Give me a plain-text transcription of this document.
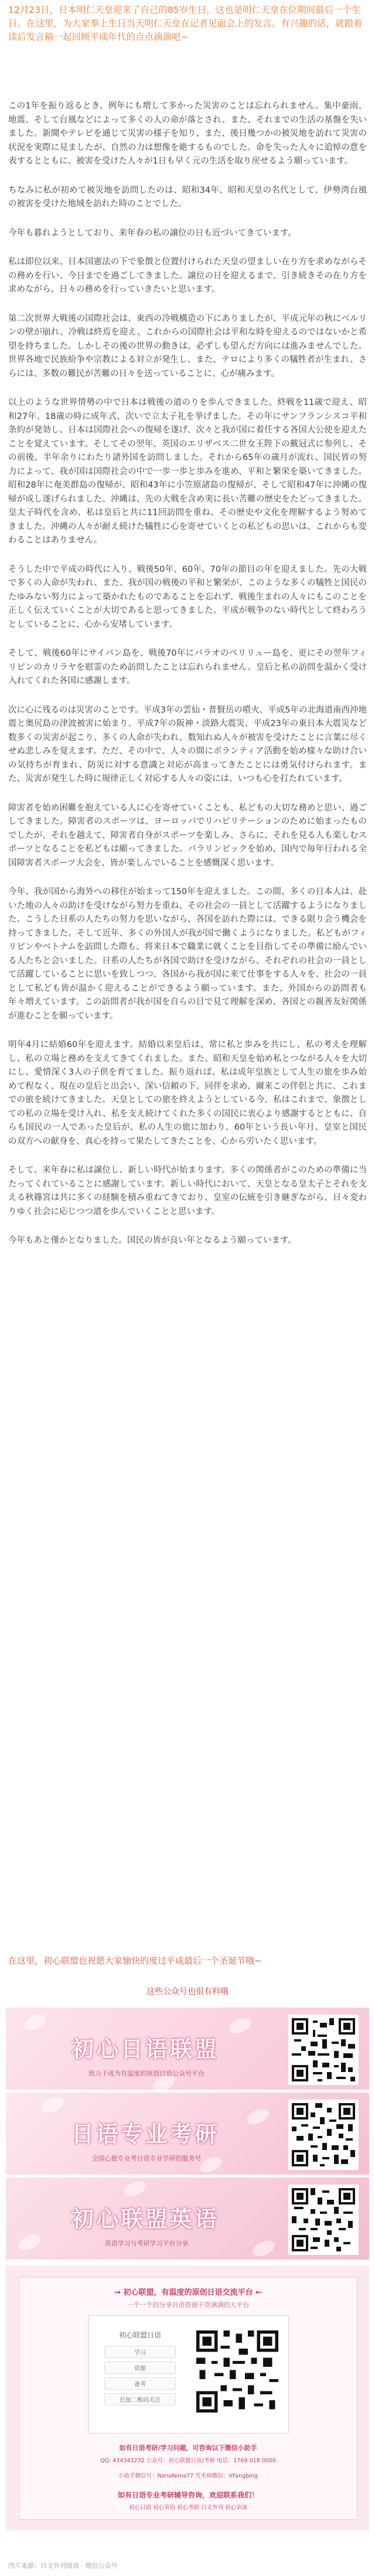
12月23日，日本明仁天皇迎来了自己的85岁生日，这也是明仁天皇在位期间最后一个生日。在这里，为大家奉上生日当天明仁天皇在记者见面会上的发言。有兴趣的话，就跟着读后发言稿一起回顾平成年代的点点滴滴吧~

この1年を振り返るとき、例年にも増して多かった災害のことは忘れられません。集中豪雨、地震、そして台風などによって多くの人の命が落とされ、また、それまでの生活の基盤を失いました。新聞やテレビを通じて災害の様子を知り、また、後日幾つかの被災地を訪れて災害の状況を実際に見ましたが、自然の力は想像を絶するものでした。命を失った人々に追悼の意を表するとともに、被害を受けた人々が1日も早く元の生活を取り戻せるよう願っています。

ちなみに私が初めて被災地を訪問したのは、昭和34年、昭和天皇の名代として、伊勢湾台風の被害を受けた地域を訪れた時のことでした。

今年も暮れようとしており、来年春の私の譲位の日も近づいてきています。

私は即位以来、日本国憲法の下で象徴と位置付けられた天皇の望ましい在り方を求めながらその務めを行い、今日までを過ごしてきました。譲位の日を迎えるまで、引き続きその在り方を求めながら、日々の務めを行っていきたいと思います。

第二次世界大戦後の国際社会は、東西の冷戦構造の下にありましたが、平成元年の秋にベルリンの壁が崩れ、冷戦は終焉を迎え、これからの国際社会は平和な時を迎えるのではないかと希望を持ちました。しかしその後の世界の動きは、必ずしも望んだ方向には進みませんでした。世界各地で民族紛争や宗教による対立が発生し、また、テロにより多くの犠牲者が生まれ、さらには、多数の難民が苦難の日々を送っていることに、心が痛みます。

以上のような世界情勢の中で日本は戦後の道のりを歩んできました。終戦を11歳で迎え、昭和27年、18歳の時に成年式、次いで立太子礼を挙げました。その年にサンフランシスコ平和条約が発効し、日本は国際社会への復帰を遂げ、次々と我が国に着任する各国大公使を迎えたことを覚えています。そしてその翌年、英国のエリザベス二世女王陛下の戴冠式に参列し、その前後、半年余りにわたり諸外国を訪問しました。それから65年の歳月が流れ、国民皆の努力によって、我が国は国際社会の中で一歩一歩と歩みを進め、平和と繁栄を築いてきました。昭和28年に奄美群島の復帰が、昭和43年に小笠原諸島の復帰が、そして昭和47年に沖縄の復帰が成し遂げられました。沖縄は、先の大戦を含め実に長い苦難の歴史をたどってきました。皇太子時代を含め、私は皇后と共に11回訪問を重ね、その歴史や文化を理解するよう努めてきました。沖縄の人々が耐え続けた犠牲に心を寄せていくとの私どもの思いは、これからも変わることはありません。

そうした中で平成の時代に入り、戦後50年、60年、70年の節目の年を迎えました。先の大戦で多くの人命が失われ、また、我が国の戦後の平和と繁栄が、このような多くの犠牲と国民のたゆみない努力によって築かれたものであることを忘れず、戦後生まれの人々にもこのことを正しく伝えていくことが大切であると思ってきました。平成が戦争のない時代として終わろうとしていることに、心から安堵しています。

そして、戦後60年にサイパン島を、戦後70年にパラオのペリリュー島を、更にその翌年フィリピンのカリラヤを慰霊のため訪問したことは忘れられません。皇后と私の訪問を温かく受け入れてくれた各国に感謝します。

次に心に残るのは災害のことです。平成3年の雲仙・普賢岳の噴火、平成5年の北海道南西沖地震と奥尻島の津波被害に始まり、平成7年の阪神・淡路大震災、平成23年の東日本大震災など数多くの災害が起こり、多くの人命が失われ、数知れぬ人々が被害を受けたことに言葉に尽くせぬ悲しみを覚えます。ただ、その中で、人々の間にボランティア活動を始め様々な助け合いの気持ちが育まれ、防災に対する意識と対応が高まってきたことには勇気付けられます。また、災害が発生した時に規律正しく対応する人々の姿には、いつも心を打たれています。

障害者を始め困難を抱えている人に心を寄せていくことも、私どもの大切な務めと思い、過ごしてきました。障害者のスポーツは、ヨーロッパでリハビリテーションのために始まったものでしたが、それを越えて、障害者自身がスポーツを楽しみ、さらに、それを見る人も楽しむスポーツとなることを私どもは願ってきました。パラリンピックを始め、国内で毎年行われる全国障害者スポーツ大会を、皆が楽しんでいることを感慨深く思います。

今年、我が国から海外への移住が始まって150年を迎えました。この間、多くの日本人は、赴いた地の人々の助けを受けながら努力を重ね、その社会の一員として活躍するようになりました。こうした日系の人たちの努力を思いながら、各国を訪れた際には、できる限り会う機会を持ってきました。そして近年、多くの外国人が我が国で働くようになりました。私どもがフィリピンやベトナムを訪問した際も、将来日本で職業に就くことを目指してその準備に励んでいる人たちと会いました。日系の人たちが各国で助けを受けながら、それぞれの社会の一員として活躍していることに思いを致しつつ、各国から我が国に来て仕事をする人々を、社会の一員として私ども皆が温かく迎えることができるよう願っています。また、外国からの訪問者も年々増えています。この訪問者が我が国を自らの目で見て理解を深め、各国との親善友好関係が進むことを願っています。

明年4月に結婚60年を迎えます。結婚以来皇后は、常に私と歩みを共にし、私の考えを理解し、私の立場と務めを支えてきてくれました。また、昭和天皇を始め私とつながる人々を大切にし、愛情深く3人の子供を育てました。振り返れば、私は成年皇族として人生の旅を歩み始めて程なく、現在の皇后と出会い、深い信頼の下、同伴を求め、爾来この伴侶と共に、これまでの旅を続けてきました。天皇としての旅を終えようとしている今、私はこれまで、象徴としての私の立場を受け入れ、私を支え続けてくれた多くの国民に衷心より感謝するとともに、自らも国民の一人であった皇后が、私の人生の旅に加わり、60年という長い年月、皇室と国民の双方への献身を、真心を持って果たしてきたことを、心から労いたく思います。

そして、来年春に私は譲位し、新しい時代が始まります。多くの関係者がこのための準備に当たってくれていることに感謝しています。新しい時代において、天皇となる皇太子とそれを支える秋篠宮は共に多くの経験を積み重ねてきており、皇室の伝統を引き継ぎながら、日々変わりゆく社会に応じつつ道を歩んでいくことと思います。

今年もあと僅かとなりました。国民の皆が良い年となるよう願っています。

在这里，初心联盟也祝愿大家愉快的度过平成最后一个圣诞节哦~
这些公众号也很有料哦
初心日语联盟
致力于成为有温度的原创日语公众号平台
日语专业考研
全国心愿专业考日语专业学研的服务号
初心联盟英语
英语学习与考研学习平台分享
→ 初心联盟，有温度的原创日语交流平台 ←
一个一个的分享日语资源干货满满的大平台
初心联盟日语
学习
资源
备考
长按二维码关注
如有日语考研/学习问题，可咨询以下微信小助手
QQ: 434343232 公众号：初心联盟日语/考研 电话：1769 018 0000
小助手微信号：NanaNima77 咒术师微信：VFangbing
如有日语专业考研辅导咨询，欢迎联系我们！
初心日语 初心英语 初心考研 日文外刊 初心杂谈
图片来源：日文外刊阅读 · 微信公众号
